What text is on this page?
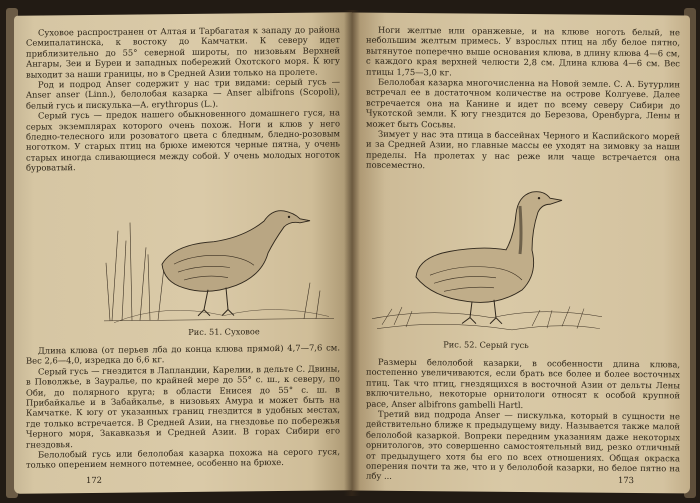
Суховое распространен от Алтая и Тарбагатая к западу до района Семипалатинска, к востоку до Камчатки. К северу идет приблизительно до 55° северной широты, по низовьям Верхней Ангары, Зеи и Буреи и западных побережий Охотского моря. К югу выходит за наши границы, но в Средней Азии только на пролете.

Род и подрод Anser содержит у нас три видами: серый гусь — Anser anser (Linn.), белолобая казарка — Anser albifrons (Scopoli), белый гусь и пискулька—A. erythropus (L.).

Серый гусь — предок нашего обыкновенного домашнего гуся, на серых экземплярах которого очень похож. Ноги и клюв у него бледно-телесного или розоватого цвета с бледным, бледно-розовым ноготком. У старых птиц на брюхе имеются черные пятна, у очень старых иногда сливающиеся между собой. У очень молодых ноготок буроватый.

Рис. 51. Суховое

Длина клюва (от перьев лба до конца клюва прямой) 4,7—7,6 см. Вес 2,6—4,0, изредка до 6,6 кг.

Серый гусь — гнездится в Лапландии, Карелии, в дельте С. Двины, в Поволжье, в Зауралье, по крайней мере до 55° с. ш., к северу, по Оби, до полярного круга; в области Енисея до 55° с. ш. в Прибайкалье и в Забайкалье, в низовьях Амура и может быть на Камчатке. К югу от указанных границ гнездится в удобных местах, где только встречается. В Средней Азии, на гнездовье по побережья Черного моря, Закавказья и Средней Азии. В горах Сибири его гнездовья.

Белолобый гусь или белолобая казарка похожа на серого гуся, только оперением немного потемнее, особенно на брюхе.

172

Ноги желтые или оранжевые, и на клюве ноготь белый, не небольшим желтым примесь. У взрослых птиц на лбу белое пятно, вытянутое поперечно выше основания клюва, в длину клюва 4—6 см, с каждого края верхней челюсти 2,8 см. Длина клюва 4—6 см. Вес птицы 1,75—3,0 кг.

Белолобая казарка многочисленна на Новой земле. С. А. Бутурлин встречал ее в достаточном количестве на острове Колгуеве. Далее встречается она на Канине и идет по всему северу Сибири до Чукотской земли. К югу гнездится до Березова, Оренбурга, Лены и может быть Сосьвы.

Зимует у нас эта птица в бассейнах Черного и Каспийского морей и за Средней Азии, но главные массы ее уходят на зимовку за наши пределы. На пролетах у нас реже или чаще встречается она повсеместно.

Рис. 52. Серый гусь

Размеры белолобой казарки, в особенности длина клюва, постепенно увеличиваются, если брать все более и более восточных птиц. Так что птиц, гнездящихся в восточной Азии от дельты Лены включительно, некоторые орнитологи относят к особой крупной расе, Anser albifrons gambelli Hartl.

Третий вид подрода Anser — пискулька, который в сущности не действительно ближе к предыдущему виду. Называется также малой белолобой казаркой. Вопреки передним указаниям даже некоторых орнитологов, это совершенно самостоятельный вид, резко отличный от предыдущего хотя бы его по всех отношениях. Общая окраска оперения почти та же, что и у белолобой казарки, но белое пятно на лбу ...	173
